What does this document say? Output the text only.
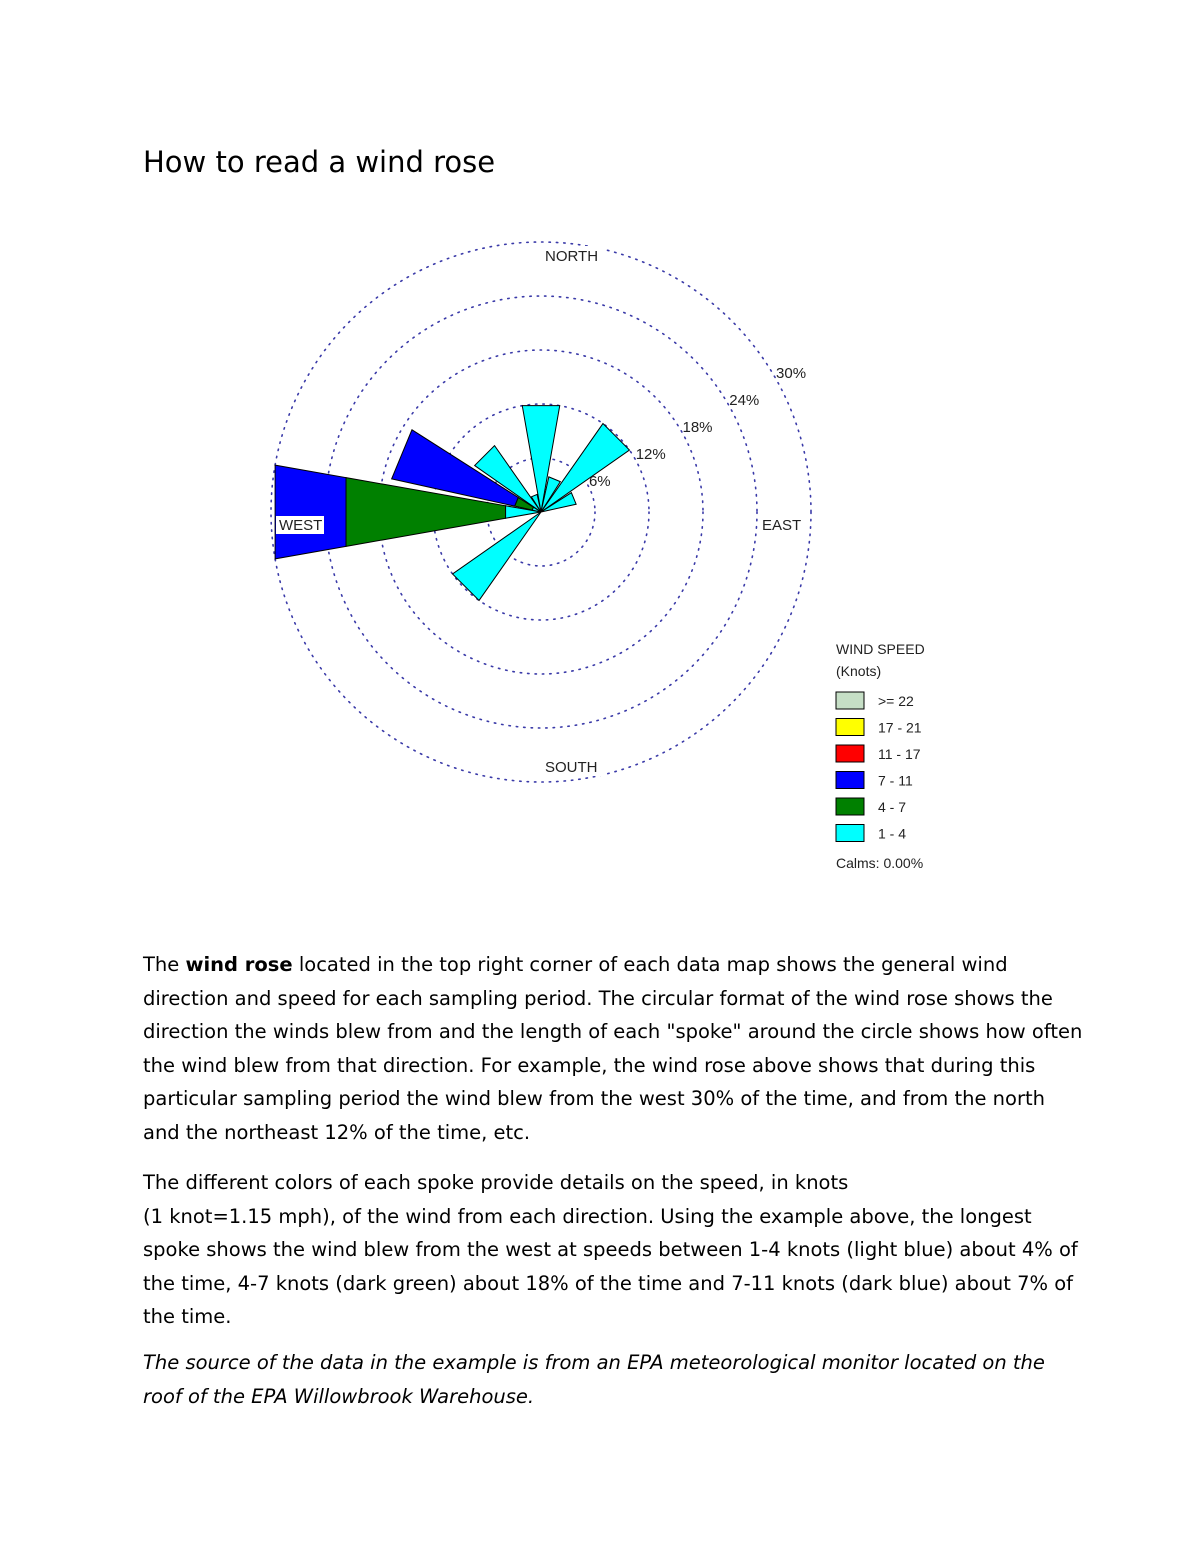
How to read a wind rose
6%
12%
18%
24%
30%
NORTH
SOUTH
EAST
WEST
WIND SPEED
(Knots)
>= 22
17 - 21
11 - 17
7 - 11
4 - 7
1 - 4
Calms: 0.00%

The wind rose located in the top right corner of each data map shows the general wind direction and speed for each sampling period. The circular format of the wind rose shows the direction the winds blew from and the length of each "spoke" around the circle shows how often the wind blew from that direction. For example, the wind rose above shows that during this particular sampling period the wind blew from the west 30% of the time, and from the north and the northeast 12% of the time, etc.

The different colors of each spoke provide details on the speed, in knots
(1 knot=1.15 mph), of the wind from each direction. Using the example above, the longest spoke shows the wind blew from the west at speeds between 1-4 knots (light blue) about 4% of the time, 4-7 knots (dark green) about 18% of the time and 7-11 knots (dark blue) about 7% of the time.

The source of the data in the example is from an EPA meteorological monitor located on the roof of the EPA Willowbrook Warehouse.
